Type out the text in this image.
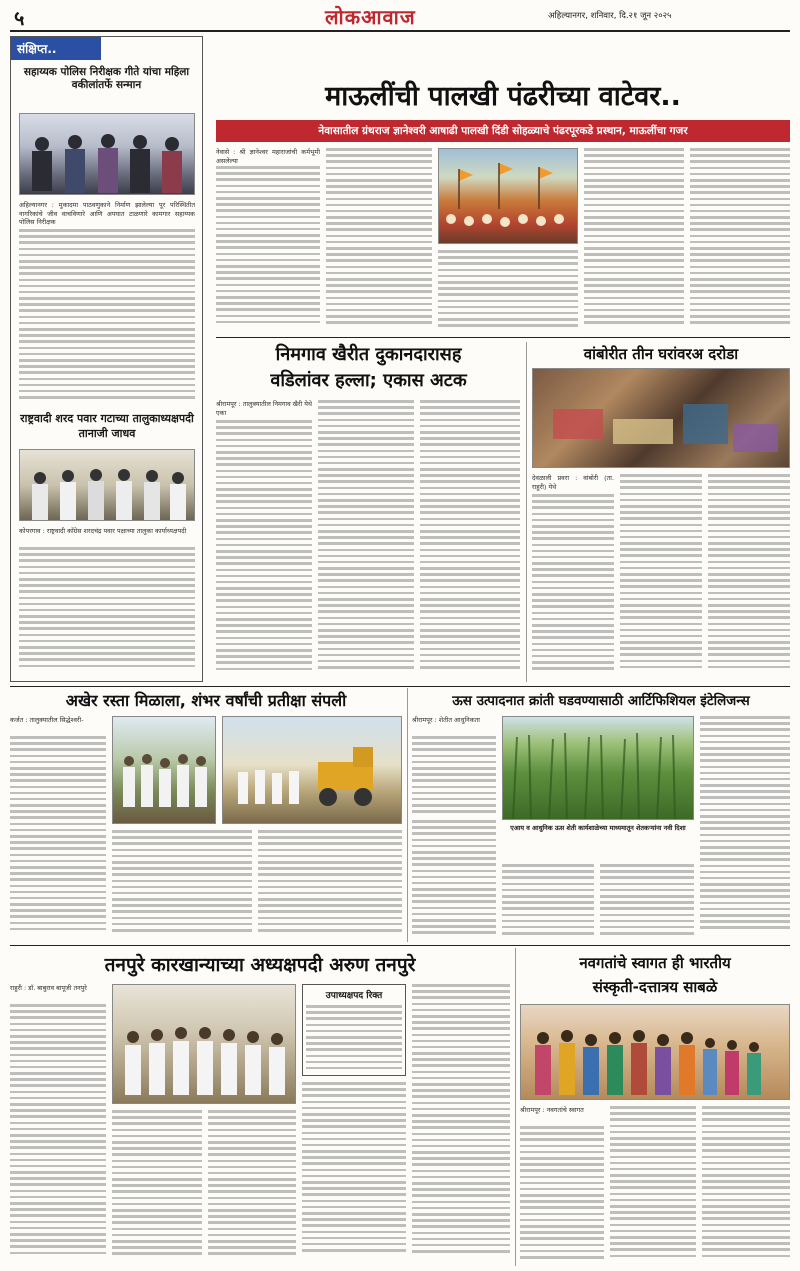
५	लोकआवाज	अहिल्यानगर, शनिवार, दि.२१ जून २०२५
संक्षिप्त..
सहाय्यक पोलिस निरीक्षक गीते यांचा महिला वकीलांतर्फे सन्मान
अहिल्यानगर : मुकादमा पाठवणुकाने निर्माण झालेल्या पूर परिस्थितीत नागरिकांचे जीव वाचविणारे आणि अपघात टाळणारे कामगार सहाय्यक पोलिस निरीक्षक
राष्ट्रवादी शरद पवार गटाच्या तालुकाध्यक्षपदी तानाजी जाधव
कोपरगाव : राष्ट्रवादी काँग्रेस शरदचंद्र पवार पक्षाच्या तालुका कार्याध्यक्षपदी
माऊलींची पालखी पंढरीच्या वाटेवर..
नेवासातील ग्रंथराज ज्ञानेश्वरी आषाढी पालखी दिंडी सोहळ्याचे पंढरपूरकडे प्रस्थान, माऊलींचा गजर
नेवासे : श्री ज्ञानेश्वर महाराजांची कर्मभूमी असलेल्या
निमगाव खैरीत दुकानदारासह
वडिलांवर हल्ला; एकास अटक
श्रीरामपूर : तालुक्यातील निमगाव खैरी येथे एका
वांबोरीत तीन घरांवरअ दरोडा
देवळाली प्रवरा : वांबोरी (ता. राहुरी) येथे
अखेर रस्ता मिळाला, शंभर वर्षांची प्रतीक्षा संपली
कर्जत : तालुक्यातील सिद्धेश्वरी-
ऊस उत्पादनात क्रांती घडवण्यासाठी आर्टिफिशियल इंटेलिजन्स
श्रीरामपूर : शेतीत आधुनिकता
एआय व आधुनिक ऊस शेती कार्यशाळेच्या माध्यमातून शेतकऱ्यांना नवी दिशा
तनपुरे कारखान्याच्या अध्यक्षपदी अरुण तनपुरे
राहुरी : डॉ. बाबुराव बापूजी तनपुरे
उपाध्यक्षपद रिक्त
नवगतांचे स्वागत ही भारतीय
संस्कृती-दत्तात्रय साबळे
श्रीरामपूर : नवगतांचे स्वागत
